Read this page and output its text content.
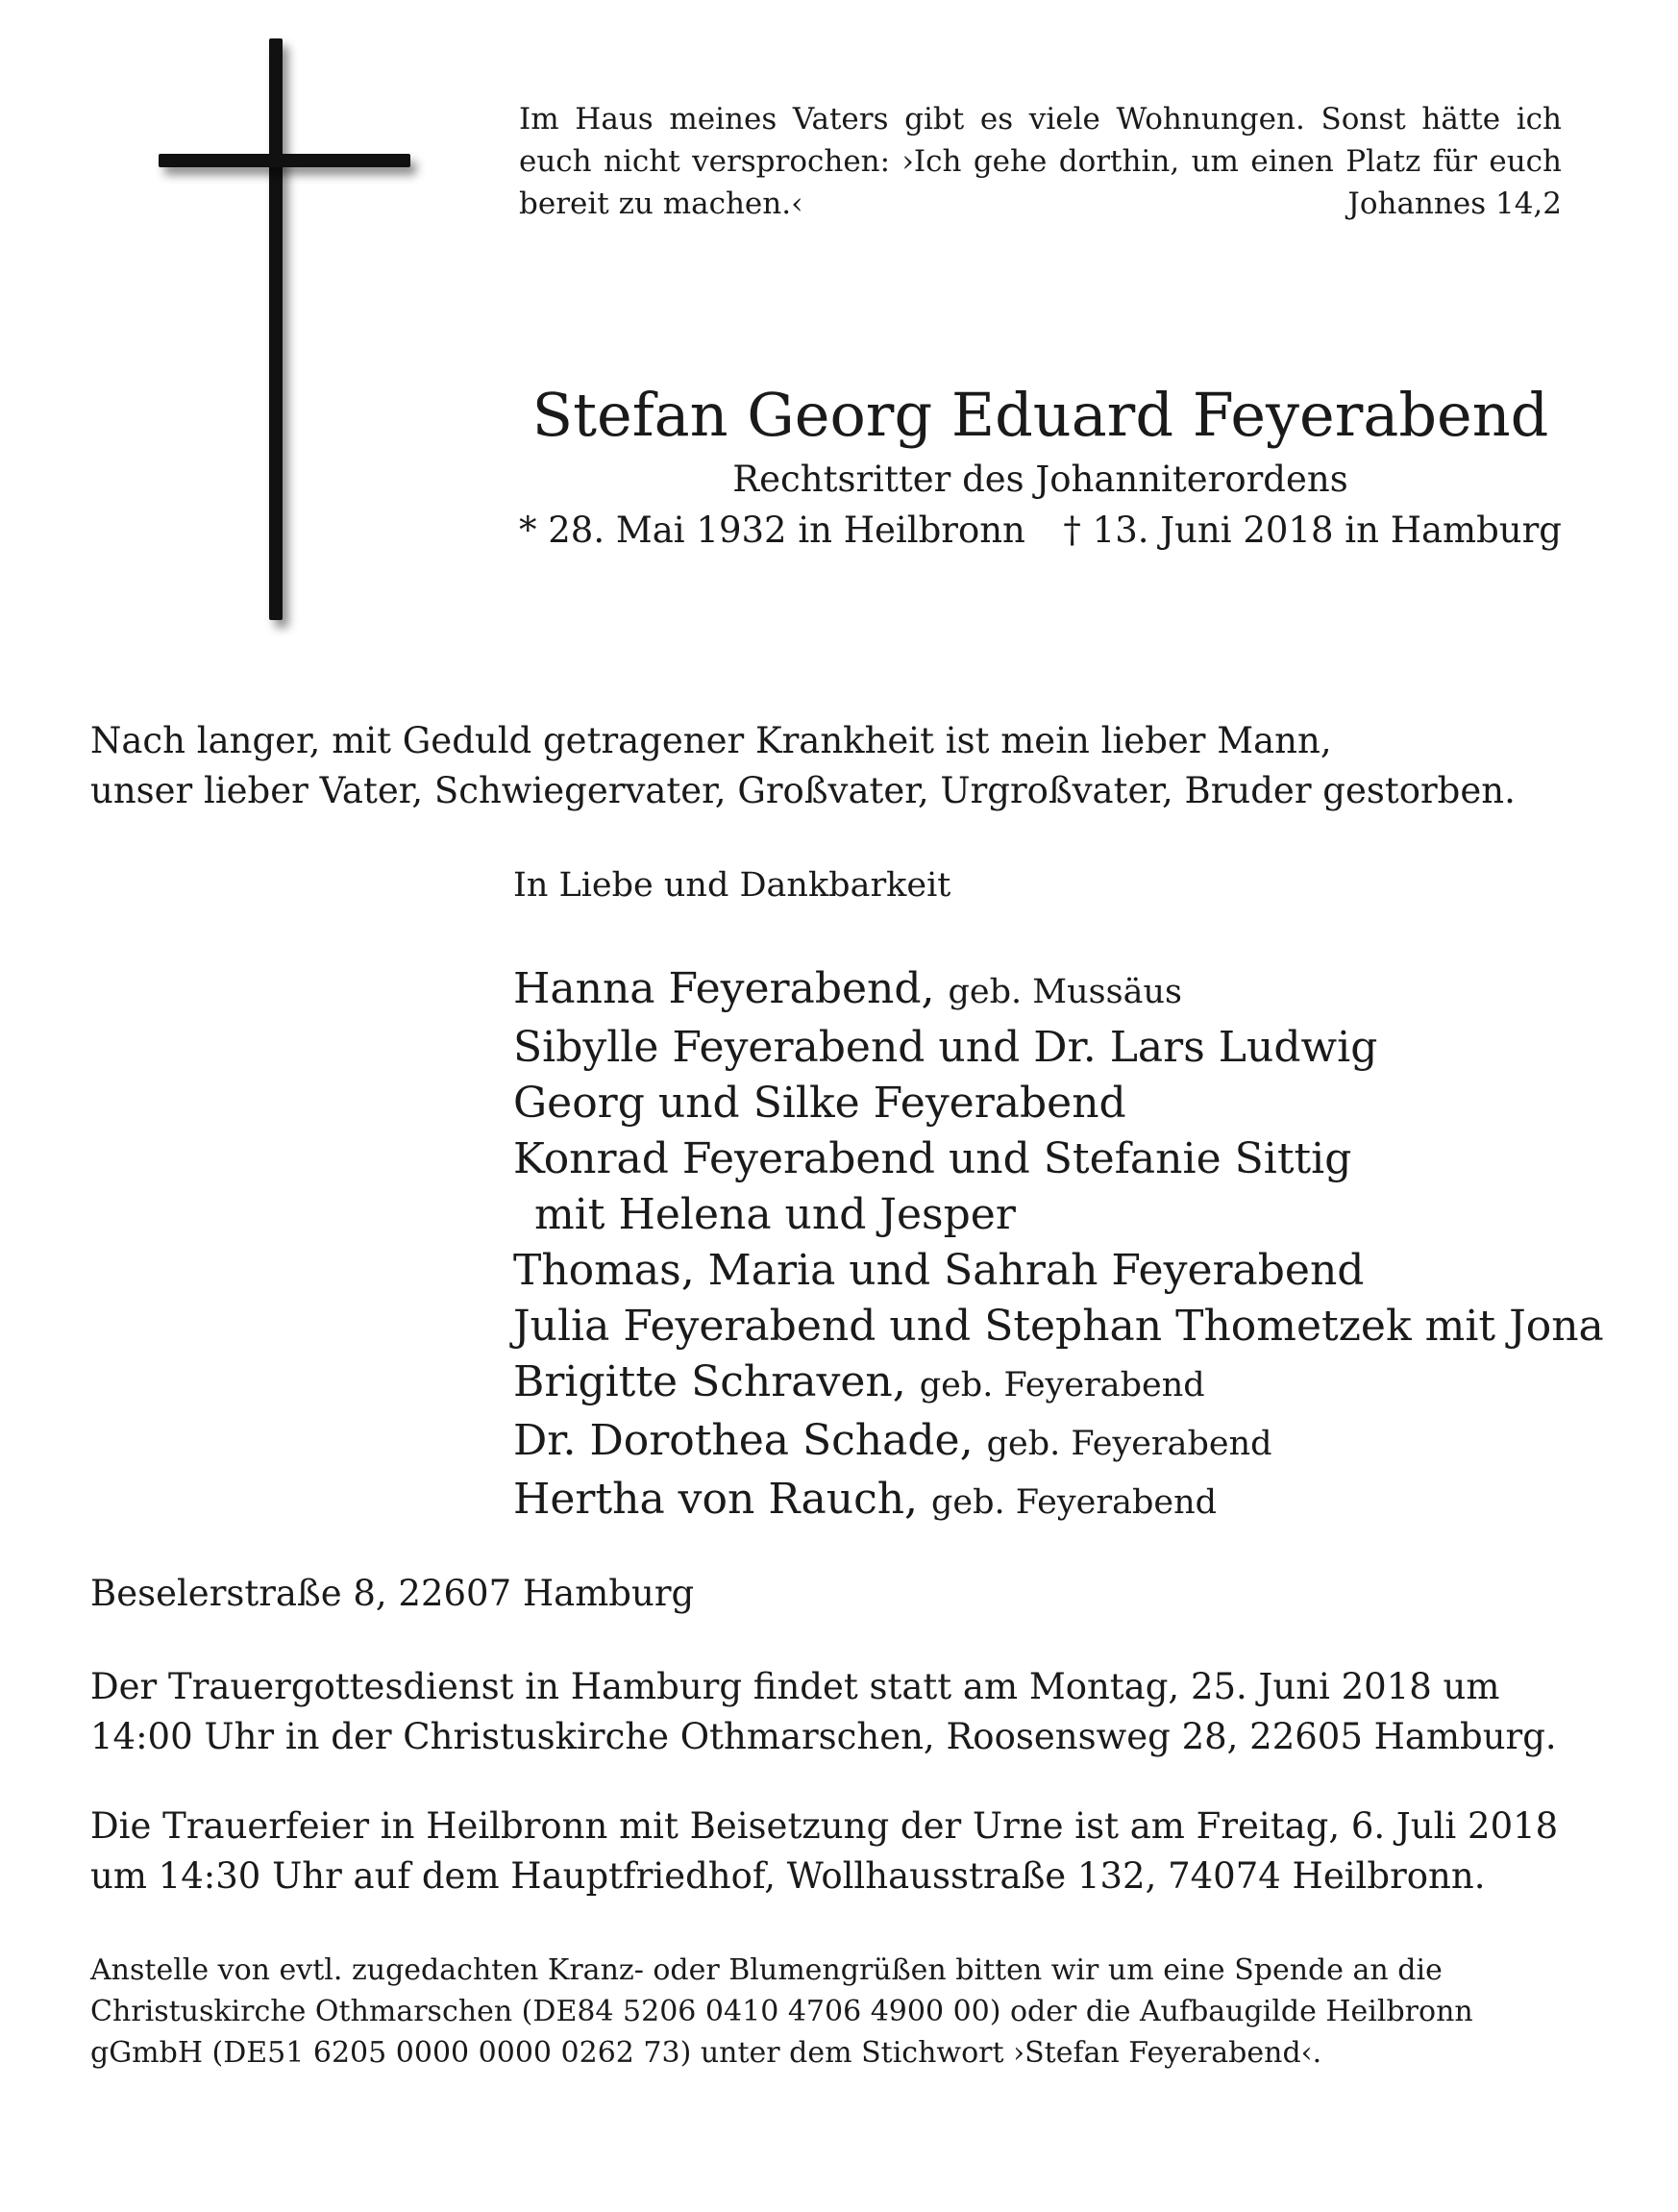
Im Haus meines Vaters gibt es viele Wohnungen. Sonst hätte ich euch nicht versprochen: ›Ich gehe dorthin, um einen Platz für euch bereit zu machen.‹	Johannes 14,2
Stefan Georg Eduard Feyerabend
Rechtsritter des Johanniterordens
* 28. Mai 1932 in Heilbronn † 13. Juni 2018 in Hamburg
Nach langer, mit Geduld getragener Krankheit ist mein lieber Mann,
unser lieber Vater, Schwiegervater, Großvater, Urgroßvater, Bruder gestorben.
In Liebe und Dankbarkeit
Hanna Feyerabend, geb. Mussäus
Sibylle Feyerabend und Dr. Lars Ludwig
Georg und Silke Feyerabend
Konrad Feyerabend und Stefanie Sittig
mit Helena und Jesper
Thomas, Maria und Sahrah Feyerabend
Julia Feyerabend und Stephan Thometzek mit Jona
Brigitte Schraven, geb. Feyerabend
Dr. Dorothea Schade, geb. Feyerabend
Hertha von Rauch, geb. Feyerabend
Beselerstraße 8, 22607 Hamburg
Der Trauergottesdienst in Hamburg findet statt am Montag, 25. Juni 2018 um
14:00 Uhr in der Christuskirche Othmarschen, Roosensweg 28, 22605 Hamburg.
Die Trauerfeier in Heilbronn mit Beisetzung der Urne ist am Freitag, 6. Juli 2018
um 14:30 Uhr auf dem Hauptfriedhof, Wollhausstraße 132, 74074 Heilbronn.
Anstelle von evtl. zugedachten Kranz- oder Blumengrüßen bitten wir um eine Spende an die
Christuskirche Othmarschen (DE84 5206 0410 4706 4900 00) oder die Aufbaugilde Heilbronn
gGmbH (DE51 6205 0000 0000 0262 73) unter dem Stichwort ›Stefan Feyerabend‹.
